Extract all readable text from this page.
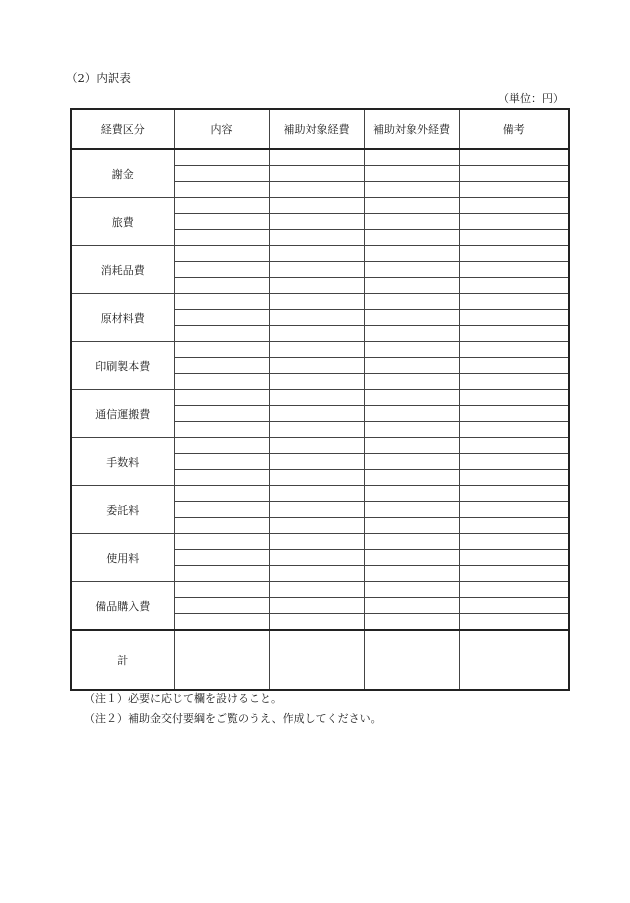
（2）内訳表
（単位：円）
経費区分	内容	補助対象経費	補助対象外経費	備考
謝金				

旅費				

消耗品費				

原材料費				

印刷製本費				

通信運搬費				

手数料				

委託料				

使用料				

備品購入費				

計				
（注１）必要に応じて欄を設けること。
（注２）補助金交付要綱をご覧のうえ、作成してください。
